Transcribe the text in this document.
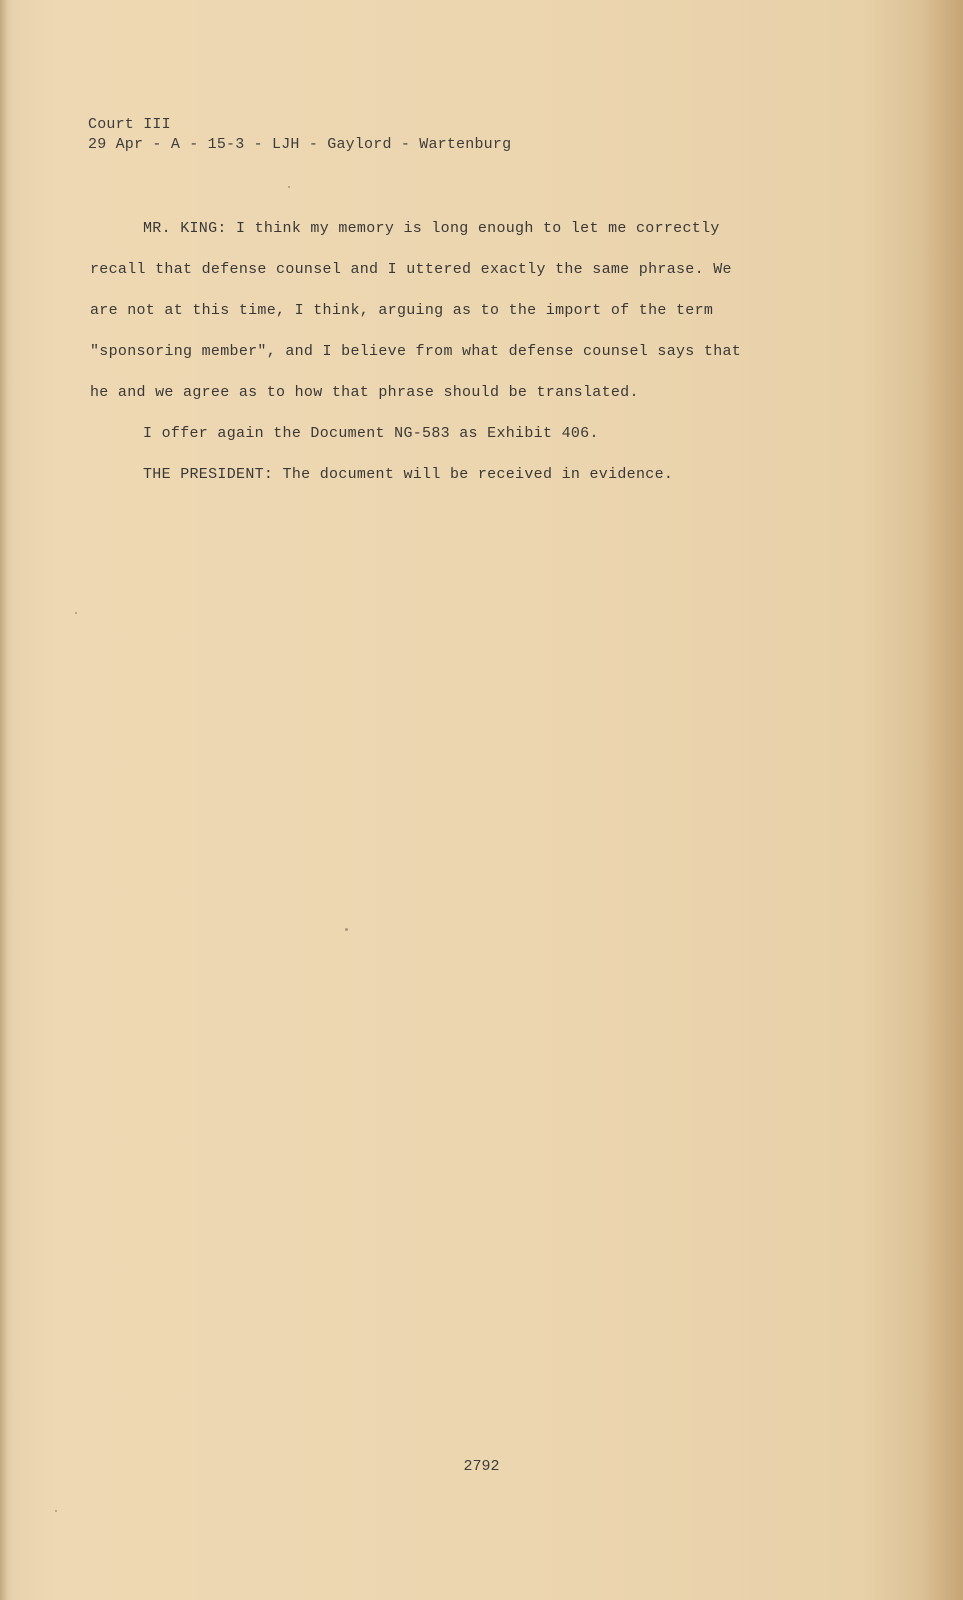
Court III
29 Apr - A - 15-3 - LJH - Gaylord - Wartenburg
MR. KING: I think my memory is long enough to let me correctly
recall that defense counsel and I uttered exactly the same phrase. We
are not at this time, I think, arguing as to the import of the term
"sponsoring member", and I believe from what defense counsel says that
he and we agree as to how that phrase should be translated.
I offer again the Document NG-583 as Exhibit 406.
THE PRESIDENT: The document will be received in evidence.
2792
